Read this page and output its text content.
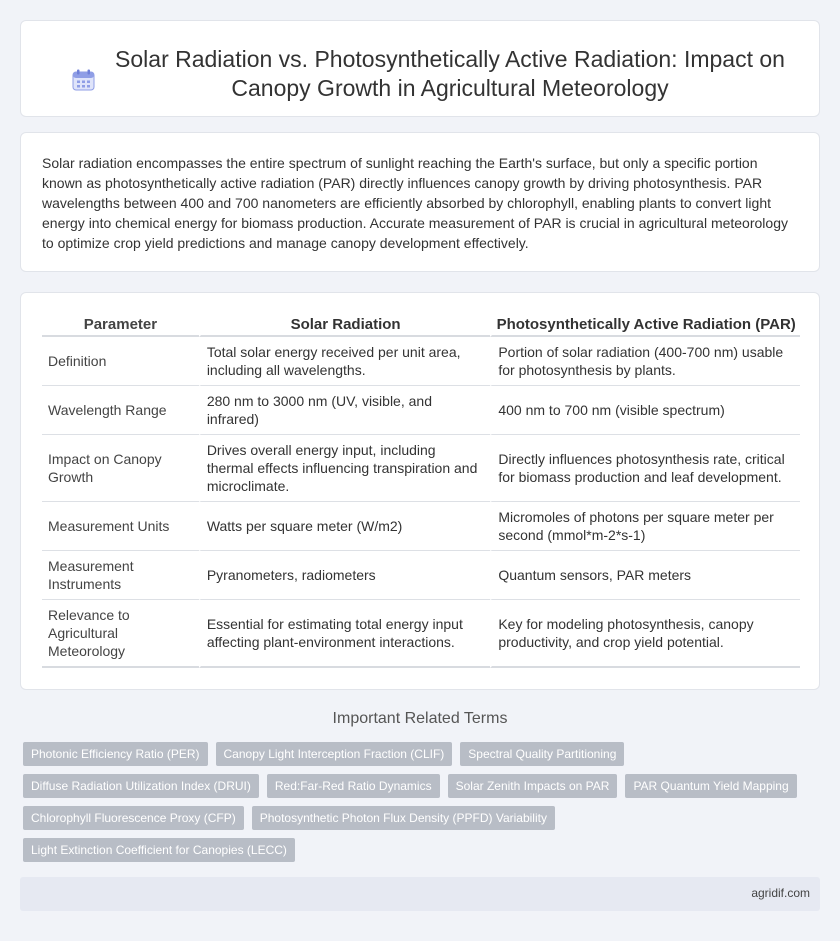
Solar Radiation vs. Photosynthetically Active Radiation: Impact on Canopy Growth in Agricultural Meteorology

Solar radiation encompasses the entire spectrum of sunlight reaching the Earth's surface, but only a specific portion known as photosynthetically active radiation (PAR) directly influences canopy growth by driving photosynthesis. PAR wavelengths between 400 and 700 nanometers are efficiently absorbed by chlorophyll, enabling plants to convert light energy into chemical energy for biomass production. Accurate measurement of PAR is crucial in agricultural meteorology to optimize crop yield predictions and manage canopy development effectively.

Parameter	Solar Radiation	Photosynthetically Active Radiation (PAR)
Definition	Total solar energy received per unit area, including all wavelengths.	Portion of solar radiation (400-700 nm) usable for photosynthesis by plants.
Wavelength Range	280 nm to 3000 nm (UV, visible, and infrared)	400 nm to 700 nm (visible spectrum)
Impact on Canopy Growth	Drives overall energy input, including thermal effects influencing transpiration and microclimate.	Directly influences photosynthesis rate, critical for biomass production and leaf development.
Measurement Units	Watts per square meter (W/m2)	Micromoles of photons per square meter per second (mmol*m-2*s-1)
Measurement Instruments	Pyranometers, radiometers	Quantum sensors, PAR meters
Relevance to Agricultural Meteorology	Essential for estimating total energy input affecting plant-environment interactions.	Key for modeling photosynthesis, canopy productivity, and crop yield potential.
Important Related Terms
Photonic Efficiency Ratio (PER)	Canopy Light Interception Fraction (CLIF)	Spectral Quality Partitioning
Diffuse Radiation Utilization Index (DRUI)	Red:Far-Red Ratio Dynamics	Solar Zenith Impacts on PAR	PAR Quantum Yield Mapping
Chlorophyll Fluorescence Proxy (CFP)	Photosynthetic Photon Flux Density (PPFD) Variability
Light Extinction Coefficient for Canopies (LECC)
agridif.com
